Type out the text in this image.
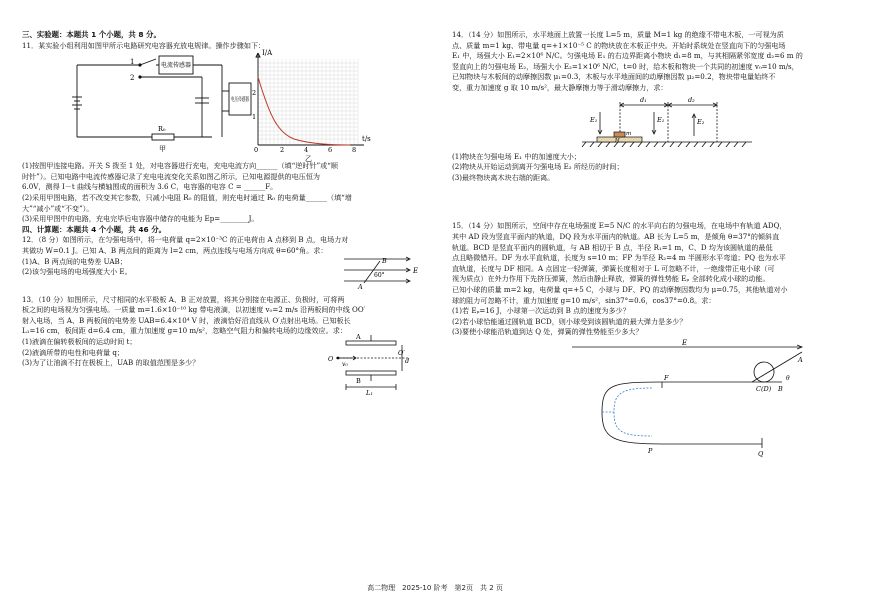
三、实验题：本题共 1 个小题，共 8 分。

11．某实验小组利用如图甲所示电路研究电容器充放电规律。操作步骤如下：

1
2
电流传感器
电压传感器
R₀
甲
I/A
t/s
2
1
0	2	4	6	8
乙

(1)按图甲连接电路。开关 S 拨至 1 处，对电容器进行充电，充电电流方向______（填“逆时针”或“顺

时针”）。已知电路中电流传感器记录了充电电流变化关系如图乙所示，已知电源提供的电压恒为

6.0V，测得 I－t 曲线与横轴围成的面积为 3.6 C，电容器的电容 C = ______F。

(2)采用甲图电路，若不改变其它参数，只减小电阻 R₀ 的阻值，则充电时通过 R₀ 的电荷量______（填“增

大”“减小”或“不变”）。

(3)采用甲图中的电路，充电完毕后电容器中储存的电能为 Ep=________J。

四、计算题：本题共 4 个小题，共 46 分。

12．（8 分）如图所示，在匀强电场中，将一电荷量 q=2×10⁻³C 的正电荷由 A 点移到 B 点，电场力对

其做功 W=0.1 J。已知 A、B 两点间的距离为 l=2 cm，两点连线与电场方向成 θ=60°角。求：

(1)A、B 两点间的电势差 UAB；

(2)该匀强电场的电场强度大小 E。

B
A
60°
E

13．（10 分）如图所示，尺寸相同的水平极板 A、B 正对放置，将其分别接在电源正、负极时，可将两

板之间的电场视为匀强电场。一质量 m=1.6×10⁻¹⁰ kg 带电液滴，以初速度 v₀=2 m/s 沿两板间的中线 OO′

射入电场，当 A、B 两板间的电势差 UAB=6.4×10⁴ V 时，液滴恰好沿直线从 O′点射出电场。已知板长

L₁=16 cm，板间距 d=6.4 cm，重力加速度 g=10 m/s²，忽略空气阻力和偏转电场的边缘效应。求：

(1)液滴在偏转极板间的运动时间 t；

(2)液滴所带的电性和电荷量 q；

(3)为了让油滴不打在极板上，UAB 的取值范围是多少？

A
B
O
O′
v₀	d
L₁

14．（14 分）如图所示，水平地面上放置一长度 L=5 m，质量 M=1 kg 的绝缘不带电木板，一可视为质

点、质量 m=1 kg、带电量 q=+1×10⁻⁵ C 的物块放在木板正中央。开始时系统处在竖直向下的匀强电场

E₁ 中，场强大小 E₁=2×10⁶ N/C。匀强电场 E₁ 的右边界距离小物块 d₁=8 m，与其相隔紧邻宽度 d₂=6 m 的

竖直向上的匀强电场 E₂，场强大小 E₂=1×10⁶ N/C，t=0 时，给木板和物块一个共同的初速度 v₀=10 m/s，

已知物块与木板间的动摩擦因数 μ₁=0.3，木板与水平地面间的动摩擦因数 μ₂=0.2，物块带电量始终不

变，重力加速度 g 取 10 m/s²，最大静摩擦力等于滑动摩擦力，求：

E₁	E₁	E₂
d₁	d₂
m
M

(1)物块在匀强电场 E₁ 中的加速度大小；

(2)物块从开始运动到离开匀强电场 E₂ 所经历的时间；

(3)最终物块离木块右端的距离。

15．（14 分）如图所示，空间中存在电场强度 E=5 N/C 的水平向右的匀强电场，在电场中有轨道 ADQ，

其中 AD 段为竖直平面内的轨道，DQ 段为水平面内的轨道。AB 长为 L=5 m，是倾角 θ=37°的倾斜直

轨道。BCD 是竖直平面内的圆轨道，与 AB 相切于 B 点，半径 R₁=1 m，C、D 均为该圆轨道的最低

点且略微错开。DF 为水平直轨道，长度为 s=10 m；FP 为半径 R₂=4 m 半圆形水平弯道；PQ 也为水平

直轨道，长度与 DF 相同。A 点固定一轻弹簧，弹簧长度相对于 L 可忽略不计，一绝缘带正电小球（可

视为质点）在外力作用下先挤压弹簧，然后由静止释放，弹簧的弹性势能 Eₚ 全部转化成小球的动能。

已知小球的质量 m=2 kg，电荷量 q=+5 C，小球与 DF、PQ 的动摩擦因数均为 μ=0.75，其他轨道对小

球的阻力可忽略不计，重力加速度 g=10 m/s²，sin37°=0.6，cos37°=0.8。求：

(1)若 Eₚ=16 J，小球第一次运动到 B 点的速度为多少？

(2)若小球恰能通过圆轨道 BCD，则小球受到该圆轨道的最大弹力是多少？

(3)要使小球能沿轨道到达 Q 处，弹簧的弹性势能至少多大？

E
A
F
C(D) B
θ
P	Q
高二物理　2025-10 阶考　第2页　共 2 页
